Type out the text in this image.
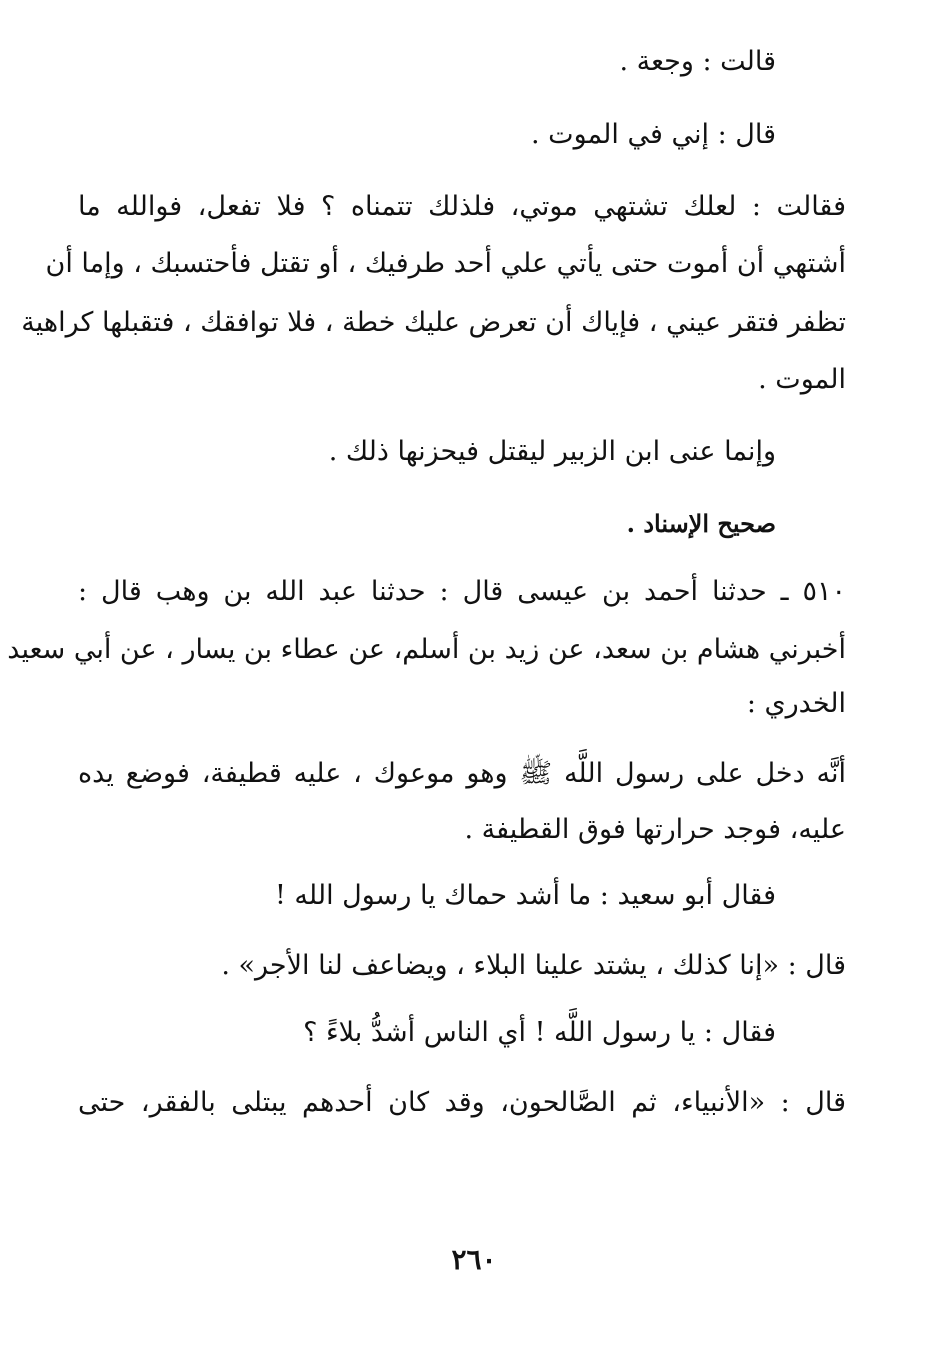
قالت : وجعة .

قال : إني في الموت .

فقالت : لعلك تشتهي موتي، فلذلك تتمناه ؟ فلا تفعل، فوالله ما

أشتهي أن أموت حتى يأتي علي أحد طرفيك ، أو تقتل فأحتسبك ، وإما أن

تظفر فتقر عيني ، فإياك أن تعرض عليك خطة ، فلا توافقك ، فتقبلها كراهية

الموت .

وإنما عنى ابن الزبير ليقتل فيحزنها ذلك .

صحيح الإسناد .

٥١٠ ـ حدثنا أحمد بن عيسى قال : حدثنا عبد الله بن وهب قال :

أخبرني هشام بن سعد، عن زيد بن أسلم، عن عطاء بن يسار ، عن أبي سعيد

الخدري :

أنَّه دخل على رسول اللَّه ﷺ وهو موعوك ، عليه قطيفة، فوضع يده

عليه، فوجد حرارتها فوق القطيفة .

فقال أبو سعيد : ما أشد حماك يا رسول الله !

قال : «إنا كذلك ، يشتد علينا البلاء ، ويضاعف لنا الأجر» .

فقال : يا رسول اللَّه ! أي الناس أشدُّ بلاءً ؟

قال : «الأنبياء، ثم الصَّالحون، وقد كان أحدهم يبتلى بالفقر، حتى

٢٦٠
